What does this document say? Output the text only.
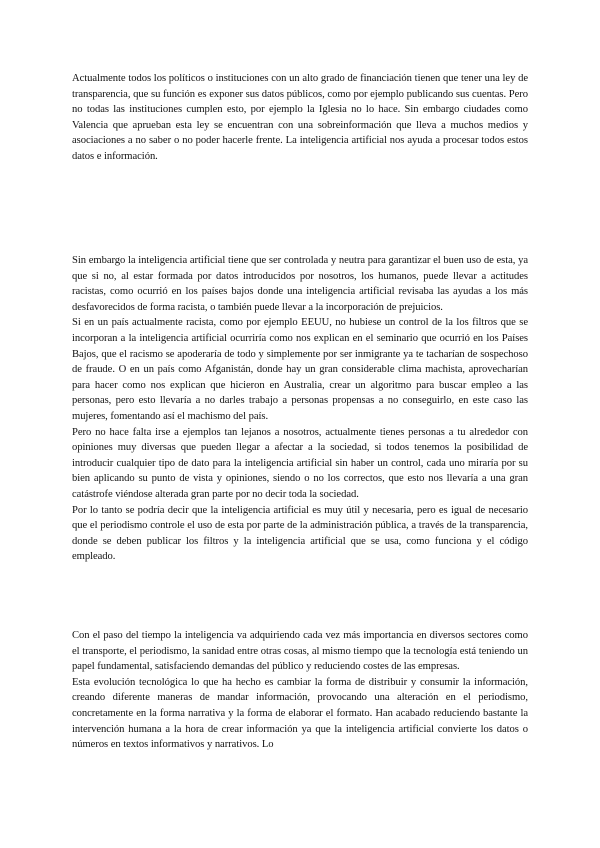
Actualmente todos los políticos o instituciones con un alto grado de financiación tienen que tener una ley de transparencia, que su función es exponer sus datos públicos, como por ejemplo publicando sus cuentas. Pero no todas las instituciones cumplen esto, por ejemplo la Iglesia no lo hace. Sin embargo ciudades como Valencia que aprueban esta ley se encuentran con una sobreinformación que lleva a muchos medios y asociaciones a no saber o no poder hacerle frente. La inteligencia artificial nos ayuda a procesar todos estos datos e información.

Sin embargo la inteligencia artificial tiene que ser controlada y neutra para garantizar el buen uso de esta, ya que si no, al estar formada por datos introducidos por nosotros, los humanos, puede llevar a actitudes racistas, como ocurrió en los países bajos donde una inteligencia artificial revisaba las ayudas a los más desfavorecidos de forma racista, o también puede llevar a la incorporación de prejuicios.

Si en un país actualmente racista, como por ejemplo EEUU, no hubiese un control de la los filtros que se incorporan a la inteligencia artificial ocurriría como nos explican en el seminario que ocurrió en los Países Bajos, que el racismo se apoderaría de todo y simplemente por ser inmigrante ya te tacharían de sospechoso de fraude. O en un país como Afganistán, donde hay un gran considerable clima machista, aprovecharían para hacer como nos explican que hicieron en Australia, crear un algoritmo para buscar empleo a las personas, pero esto llevaría a no darles trabajo a personas propensas a no conseguirlo, en este caso las mujeres, fomentando así el machismo del país.

Pero no hace falta irse a ejemplos tan lejanos a nosotros, actualmente tienes personas a tu alrededor con opiniones muy diversas que pueden llegar a afectar a la sociedad, si todos tenemos la posibilidad de introducir cualquier tipo de dato para la inteligencia artificial sin haber un control, cada uno miraría por su bien aplicando su punto de vista y opiniones, siendo o no los correctos, que esto nos llevaría a una gran catástrofe viéndose alterada gran parte por no decir toda la sociedad.

Por lo tanto se podría decir que la inteligencia artificial es muy útil y necesaria, pero es igual de necesario que el periodismo controle el uso de esta por parte de la administración pública, a través de la transparencia, donde se deben publicar los filtros y la inteligencia artificial que se usa, como funciona y el código empleado.

Con el paso del tiempo la inteligencia va adquiriendo cada vez más importancia en diversos sectores como el transporte, el periodismo, la sanidad entre otras cosas, al mismo tiempo que la tecnología está teniendo un papel fundamental, satisfaciendo demandas del público y reduciendo costes de las empresas.

Esta evolución tecnológica lo que ha hecho es cambiar la forma de distribuir y consumir la información, creando diferente maneras de mandar información, provocando una alteración en el periodismo, concretamente en la forma narrativa y la forma de elaborar el formato. Han acabado reduciendo bastante la intervención humana a la hora de crear información ya que la inteligencia artificial convierte los datos o números en textos informativos y narrativos. Lo
